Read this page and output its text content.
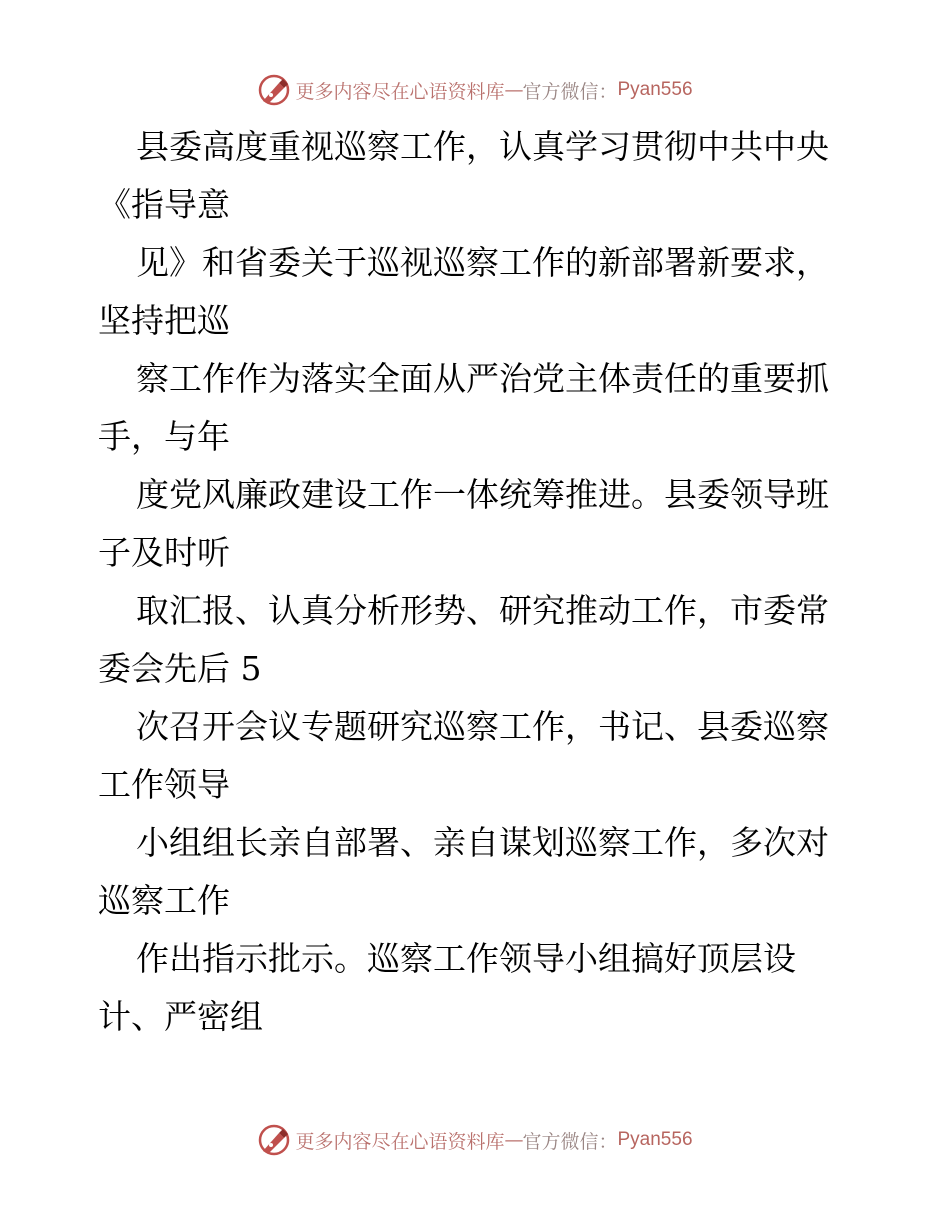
更多内容尽在心语资料库 — 官方微信： Pyan556
县委高度重视巡察工作，认真学习贯彻中共中央
《指导意
见》和省委关于巡视巡察工作的新部署新要求，
坚持把巡
察工作作为落实全面从严治党主体责任的重要抓
手，与年
度党风廉政建设工作一体统筹推进。县委领导班
子及时听
取汇报、认真分析形势、研究推动工作，市委常
委会先后 5
次召开会议专题研究巡察工作，书记、县委巡察
工作领导
小组组长亲自部署、亲自谋划巡察工作，多次对
巡察工作
作出指示批示。巡察工作领导小组搞好顶层设
计、严密组
更多内容尽在心语资料库 — 官方微信： Pyan556
